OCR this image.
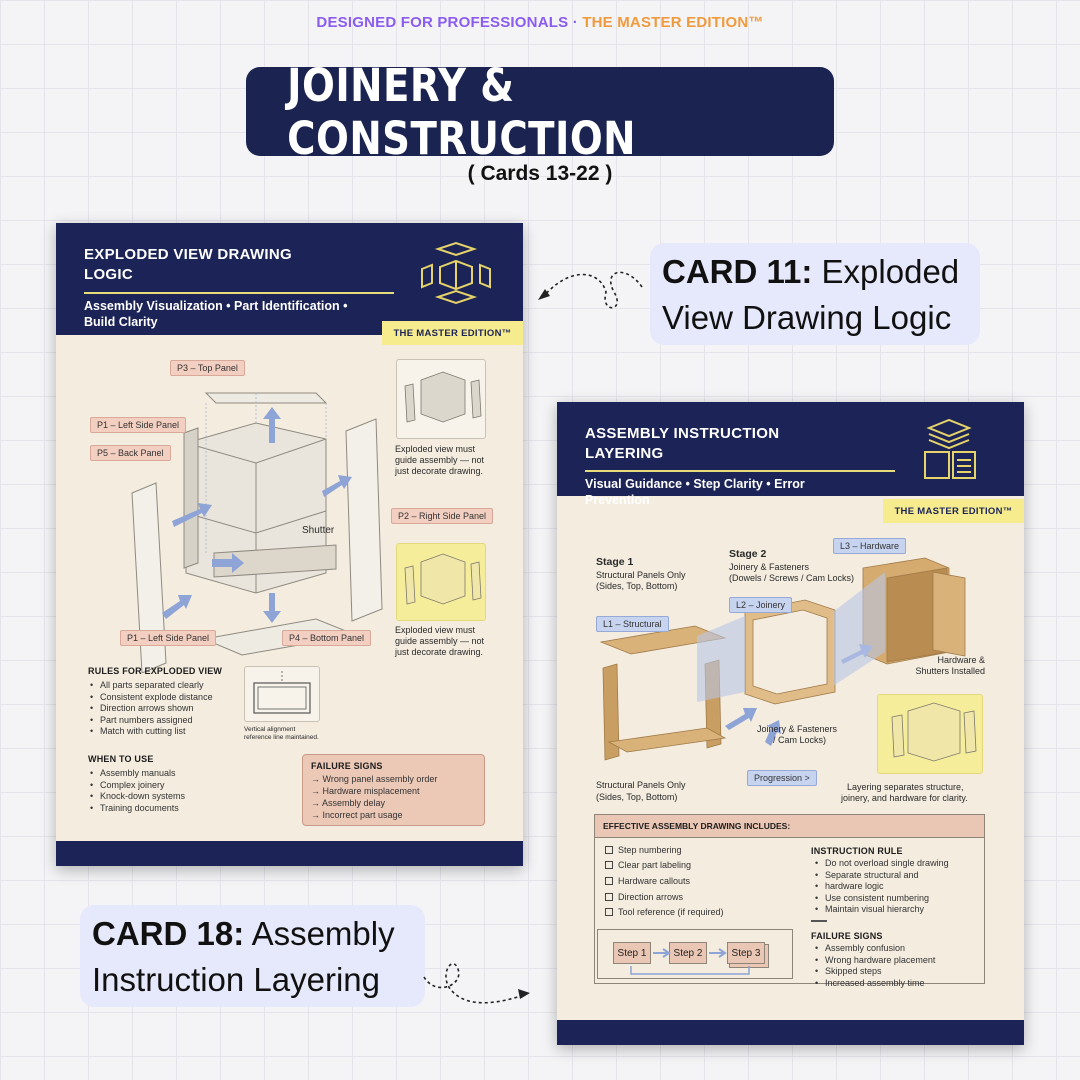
DESIGNED FOR PROFESSIONALS · THE MASTER EDITION™
JOINERY & CONSTRUCTION
( Cards 13-22 )
CARD 11: Exploded View Drawing Logic
CARD 18: Assembly Instruction Layering
EXPLODED VIEW DRAWING
LOGIC
Assembly Visualization • Part Identification •
Build Clarity
THE MASTER EDITION™
P3 – Top Panel
P1 – Left Side Panel
P5 – Back Panel
P2 – Right Side Panel
P1 – Left Side Panel	P4 – Bottom Panel
Shutter
Exploded view must
guide assembly — not
just decorate drawing.
Exploded view must
guide assembly — not
just decorate drawing.
RULES FOR EXPLODED VIEW
• All parts separated clearly
• Consistent explode distance
• Direction arrows shown
• Part numbers assigned
• Match with cutting list	Vertical alignment
reference line maintained.
WHEN TO USE
• Assembly manuals
• Complex joinery
• Knock-down systems
• Training documents
FAILURE SIGNS
→ Wrong panel assembly order
→ Hardware misplacement
→ Assembly delay
→ Incorrect part usage
ASSEMBLY INSTRUCTION
LAYERING
Visual Guidance • Step Clarity • Error
Prevention
THE MASTER EDITION™
Stage 1
Structural Panels Only
(Sides, Top, Bottom)
Stage 2
Joinery & Fasteners
(Dowels / Screws / Cam Locks)
L1 – Structural
L2 – Joinery
L3 – Hardware
Hardware &
Shutters Installed
Joinery & Fasteners
/ Cam Locks)
Progression >
Structural Panels Only
(Sides, Top, Bottom)
Layering separates structure,
joinery, and hardware for clarity.
EFFECTIVE ASSEMBLY DRAWING INCLUDES:
Step numbering
Clear part labeling
Hardware callouts
Direction arrows
Tool reference (if required)
Step 1	Step 2	Step 3
INSTRUCTION RULE
• Do not overload single drawing
• Separate structural and
• hardware logic
• Use consistent numbering
• Maintain visual hierarchy
FAILURE SIGNS
• Assembly confusion
• Wrong hardware placement
• Skipped steps
• Increased assembly time
